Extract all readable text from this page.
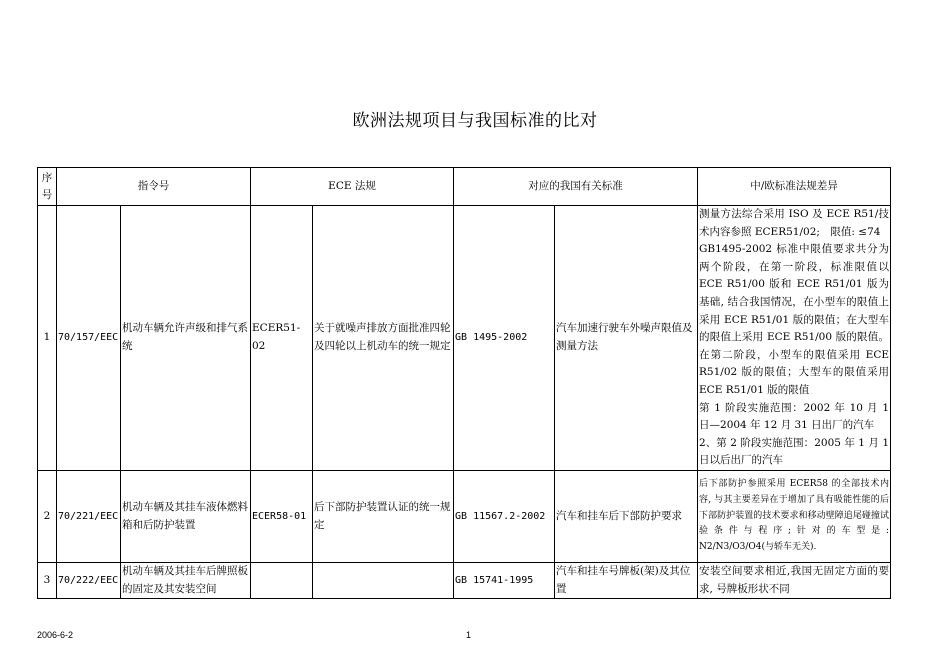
欧洲法规项目与我国标准的比对
序号	指令号		ECE 法规		对应的我国有关标准		中/欧标准法规差异
1	70/157/EEC	机动车辆允许声级和排气系统	ECER51-02	关于就噪声排放方面批准四轮及四轮以上机动车的统一规定	GB 1495-2002	汽车加速行驶车外噪声限值及测量方法	测量方法综合采用 ISO 及 ECE R51/技术内容参照 ECER51/02;　限值: ≤74

GB1495-2002 标准中限值要求共分为两个阶段，在第一阶段，标准限值以 ECE R51/00 版和 ECE R51/01 版为基础, 结合我国情况，在小型车的限值上采用 ECE R51/01 版的限值；在大型车的限值上采用 ECE R51/00 版的限值。在第二阶段，小型车的限值采用 ECE R51/02 版的限值；大型车的限值采用 ECE R51/01 版的限值

第 1 阶段实施范围：2002 年 10 月 1 日—2004 年 12 月 31 日出厂的汽车

2、第 2 阶段实施范围：2005 年 1 月 1 日以后出厂的汽车

2	70/221/EEC	机动车辆及其挂车液体燃料箱和后防护装置	ECER58-01	后下部防护装置认证的统一规定	GB 11567.2-2002	汽车和挂车后下部防护要求	后下部防护参照采用 ECER58 的全部技术内容, 与其主要差异在于增加了具有吸能性能的后下部防护装置的技术要求和移动壁障追尾碰撞试验条件与程序;针对的车型是: N2/N3/O3/O4(与轿车无关).

3	70/222/EEC	机动车辆及其挂车后牌照板的固定及其安装空间			GB 15741-1995	汽车和挂车号牌板(架)及其位置	安装空间要求相近,我国无固定方面的要求, 号牌板形状不同

2006-6-2	1
